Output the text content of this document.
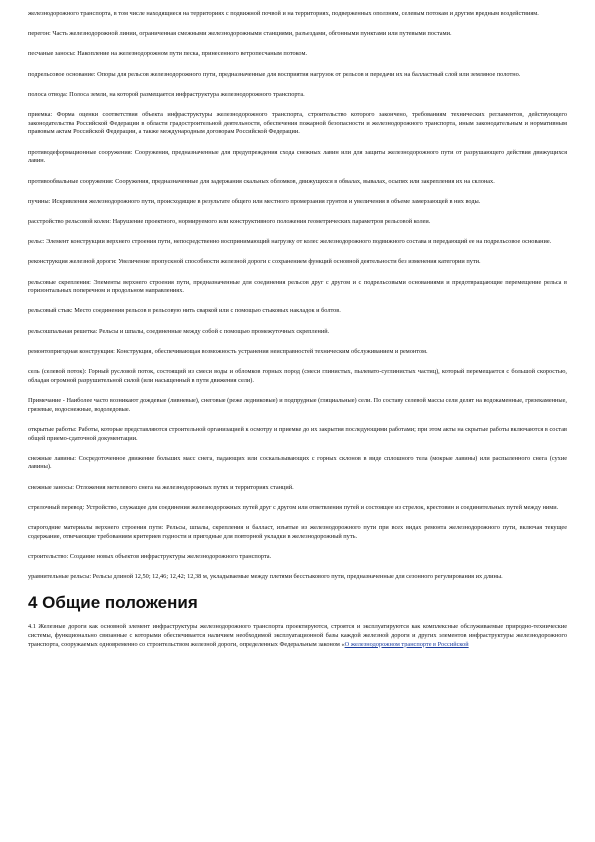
железнодорожного транспорта, в том числе находящиеся на территориях с подвижной почвой и на территориях, подверженных оползням, селевым потокам и другим вредным воздействиям.

перегон: Часть железнодорожной линии, ограниченная смежными железнодорожными станциями, разъездами, обгонными пунктами или путевыми постами.

песчаные заносы: Накопление на железнодорожном пути песка, принесенного ветропесчаным потоком.

подрельсовое основание: Опоры для рельсов железнодорожного пути, предназначенные для восприятия нагрузок от рельсов и передачи их на балластный слой или земляное полотно.

полоса отвода: Полоса земли, на которой размещается инфраструктура железнодорожного транспорта.

приемка: Форма оценки соответствия объекта инфраструктуры железнодорожного транспорта, строительство которого закончено, требованиям технических регламентов, действующего законодательства Российской Федерации в области градостроительной деятельности, обеспечения пожарной безопасности и железнодорожного транспорта, иным законодательным и нормативным правовым актам Российской Федерации, а также международным договорам Российской Федерации.

противодеформационные сооружения: Сооружения, предназначенные для предупреждения схода снежных лавин или для защиты железнодорожного пути от разрушающего действия движущихся лавин.

противообвальные сооружения: Сооружения, предназначенные для задержания скальных обломков, движущихся в обвалах, вывалах, осыпях или закрепления их на склонах.

пучины: Искривления железнодорожного пути, происходящие в результате общего или местного промерзания грунтов и увеличения в объеме замерзающей в них воды.

расстройство рельсовой колеи: Нарушение проектного, нормируемого или конструктивного положения геометрических параметров рельсовой колеи.

рельс: Элемент конструкции верхнего строения пути, непосредственно воспринимающий нагрузку от колес железнодорожного подвижного состава и передающий ее на подрельсовое основание.

реконструкция железной дороги: Увеличение пропускной способности железной дороги с сохранением функций основной деятельности без изменения категории пути.

рельсовые скрепления: Элементы верхнего строения пути, предназначенные для соединения рельсов друг с другом и с подрельсовыми основаниями и предотвращающие перемещение рельса в горизонтальных поперечном и продольном направлениях.

рельсовый стык: Место соединения рельсов в рельсовую нить сваркой или с помощью стыковых накладок и болтов.

рельсошпальная решетка: Рельсы и шпалы, соединенные между собой с помощью промежуточных скреплений.

ремонтопригодная конструкция: Конструкция, обеспечивающая возможность устранения неисправностей техническим обслуживанием и ремонтом.

сель (селевой поток): Горный русловой поток, состоящий из смеси воды и обломков горных пород (смеси глинистых, пылевато-суглинистых частиц), который перемещается с большой скоростью, обладая огромной разрушительной силой (или насыщенный в пути движения сели).

Примечание - Наиболее часто возникают дождевые (ливневые), снеговые (реже ледниковые) и подпрудные (гляциальные) сели. По составу селевой массы сели делят на водокаменные, грязекаменные, грязевые, водоснежные, водоледовые.

открытые работы: Работы, которые представляются строительной организацией к осмотру и приемке до их закрытия последующими работами; при этом акты на скрытые работы включаются в состав общей приемо-сдаточной документации.

снежные лавины: Сосредоточенное движение больших масс снега, падающих или соскальзывающих с горных склонов в виде сплошного тела (мокрые лавины) или распыленного снега (сухие лавины).

снежные заносы: Отложения метелевого снега на железнодорожных путях и территориях станций.

стрелочный перевод: Устройство, служащее для соединения железнодорожных путей друг с другом или ответвления путей и состоящее из стрелок, крестовин и соединительных путей между ними.

старогодние материалы верхнего строения пути: Рельсы, шпалы, скрепления и балласт, изъятые из железнодорожного пути при всех видах ремонта железнодорожного пути, включая текущее содержание, отвечающие требованиям критериев годности и пригодные для повторной укладки в железнодорожный путь.

строительство: Создание новых объектов инфраструктуры железнодорожного транспорта.

уравнительные рельсы: Рельсы длиной 12,50; 12,46; 12,42; 12,38 м, укладываемые между плетями бесстыкового пути, предназначенные для сезонного регулирования их длины.

4 Общие положения

4.1 Железные дороги как основной элемент инфраструктуры железнодорожного транспорта проектируются, строятся и эксплуатируются как комплексные обслуживаемые природно-технические системы, функционально связанные с которыми обеспечивается наличием необходимой эксплуатационной базы каждой железной дороги и других элементов инфраструктуры железнодорожного транспорта, сооружаемых одновременно со строительством железной дороги, определенных Федеральным законом «О железнодорожном транспорте в Российской
